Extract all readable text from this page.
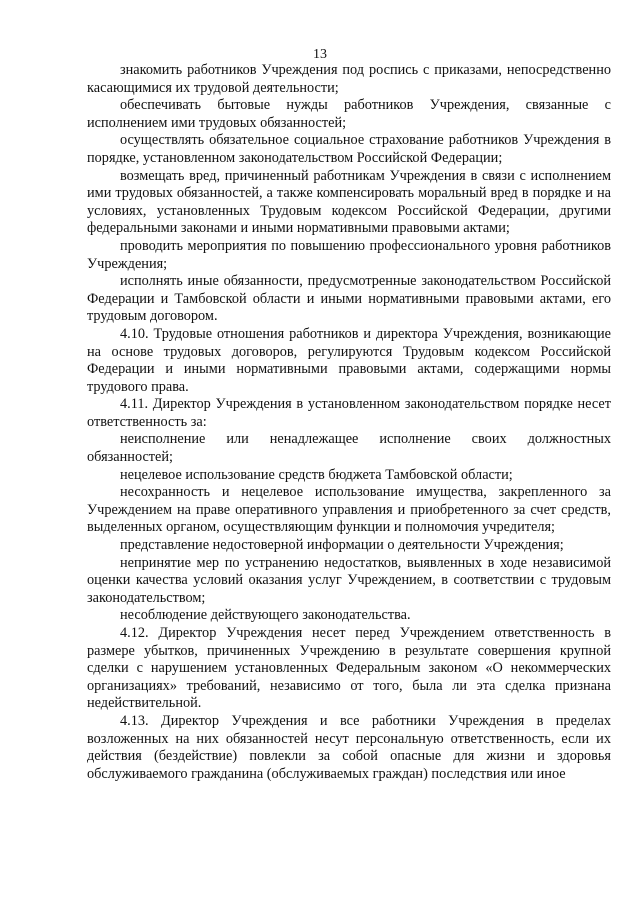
13

знакомить работников Учреждения под роспись с приказами, непосредственно касающимися их трудовой деятельности;

обеспечивать бытовые нужды работников Учреждения, связанные с исполнением ими трудовых обязанностей;

осуществлять обязательное социальное страхование работников Учреждения в порядке, установленном законодательством Российской Федерации;

возмещать вред, причиненный работникам Учреждения в связи с исполнением ими трудовых обязанностей, а также компенсировать моральный вред в порядке и на условиях, установленных Трудовым кодексом Российской Федерации, другими федеральными законами и иными нормативными правовыми актами;

проводить мероприятия по повышению профессионального уровня работников Учреждения;

исполнять иные обязанности, предусмотренные законодательством Российской Федерации и Тамбовской области и иными нормативными правовыми актами, его трудовым договором.

4.10. Трудовые отношения работников и директора Учреждения, возникающие на основе трудовых договоров, регулируются Трудовым кодексом Российской Федерации и иными нормативными правовыми актами, содержащими нормы трудового права.

4.11. Директор Учреждения в установленном законодательством порядке несет ответственность за:

неисполнение или ненадлежащее исполнение своих должностных обязанностей;

нецелевое использование средств бюджета Тамбовской области;

несохранность и нецелевое использование имущества, закрепленного за Учреждением на праве оперативного управления и приобретенного за счет средств, выделенных органом, осуществляющим функции и полномочия учредителя;

представление недостоверной информации о деятельности Учреждения;

непринятие мер по устранению недостатков, выявленных в ходе независимой оценки качества условий оказания услуг Учреждением, в соответствии с трудовым законодательством;

несоблюдение действующего законодательства.

4.12. Директор Учреждения несет перед Учреждением ответственность в размере убытков, причиненных Учреждению в результате совершения крупной сделки с нарушением установленных Федеральным законом «О некоммерческих организациях» требований, независимо от того, была ли эта сделка признана недействительной.

4.13. Директор Учреждения и все работники Учреждения в пределах возложенных на них обязанностей несут персональную ответственность, если их действия (бездействие) повлекли за собой опасные для жизни и здоровья обслуживаемого гражданина (обслуживаемых граждан) последствия или иное
